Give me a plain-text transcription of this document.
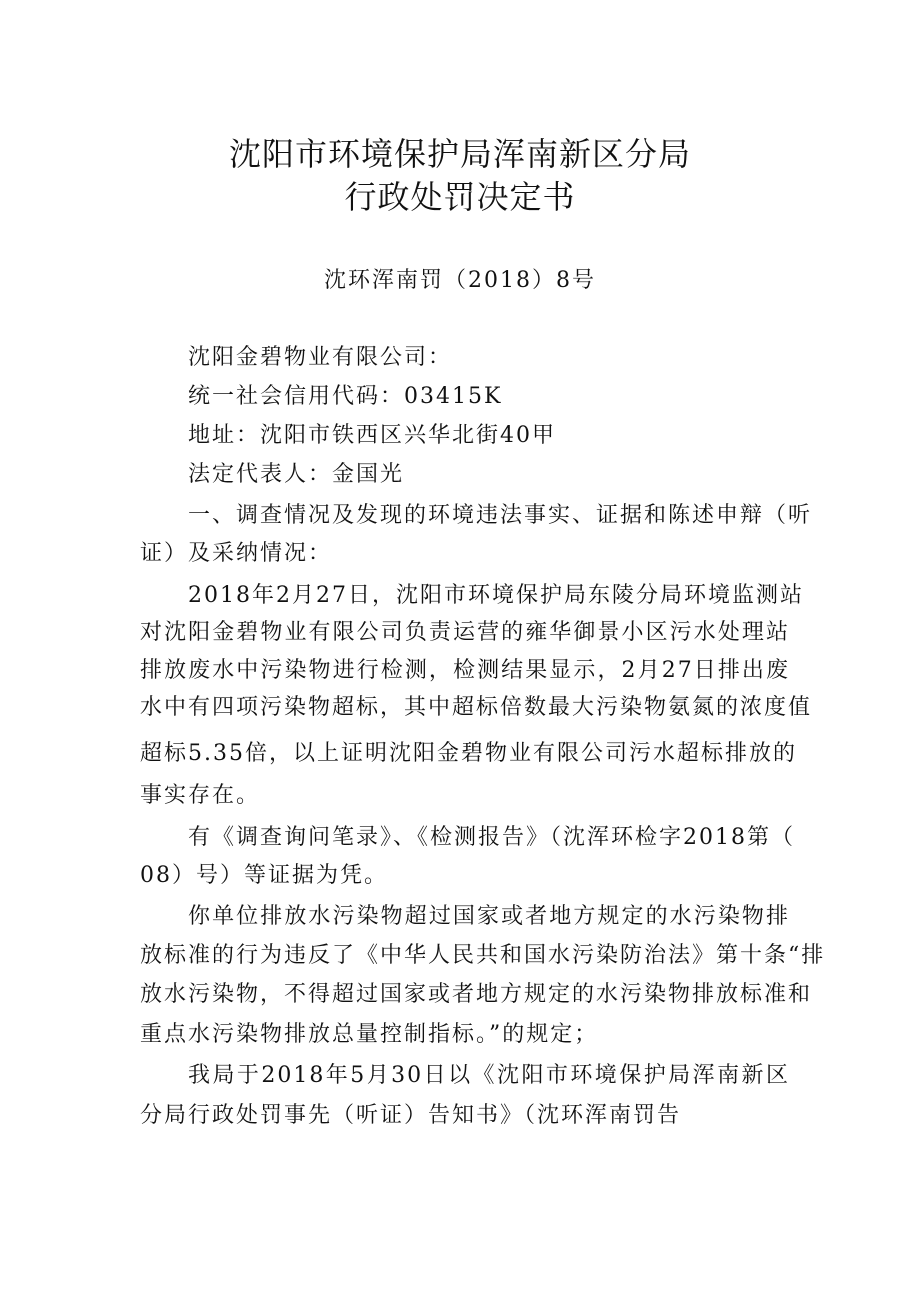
沈阳市环境保护局浑南新区分局
行政处罚决定书
沈环浑南罚（2018）8号
沈阳金碧物业有限公司：
统一社会信用代码：03415K
地址：沈阳市铁西区兴华北街40甲
法定代表人：金国光
一、调查情况及发现的环境违法事实、证据和陈述申辩（听
证）及采纳情况：
2018年2月27日，沈阳市环境保护局东陵分局环境监测站
对沈阳金碧物业有限公司负责运营的雍华御景小区污水处理站
排放废水中污染物进行检测，检测结果显示，2月27日排出废
水中有四项污染物超标，其中超标倍数最大污染物氨氮的浓度值
超标5.35倍，以上证明沈阳金碧物业有限公司污水超标排放的
事实存在。
有《调查询问笔录》、《检测报告》（沈浑环检字2018第（
08）号）等证据为凭。
你单位排放水污染物超过国家或者地方规定的水污染物排
放标准的行为违反了《中华人民共和国水污染防治法》第十条“排
放水污染物，不得超过国家或者地方规定的水污染物排放标准和
重点水污染物排放总量控制指标。”的规定；
我局于2018年5月30日以《沈阳市环境保护局浑南新区
分局行政处罚事先（听证）告知书》（沈环浑南罚告
